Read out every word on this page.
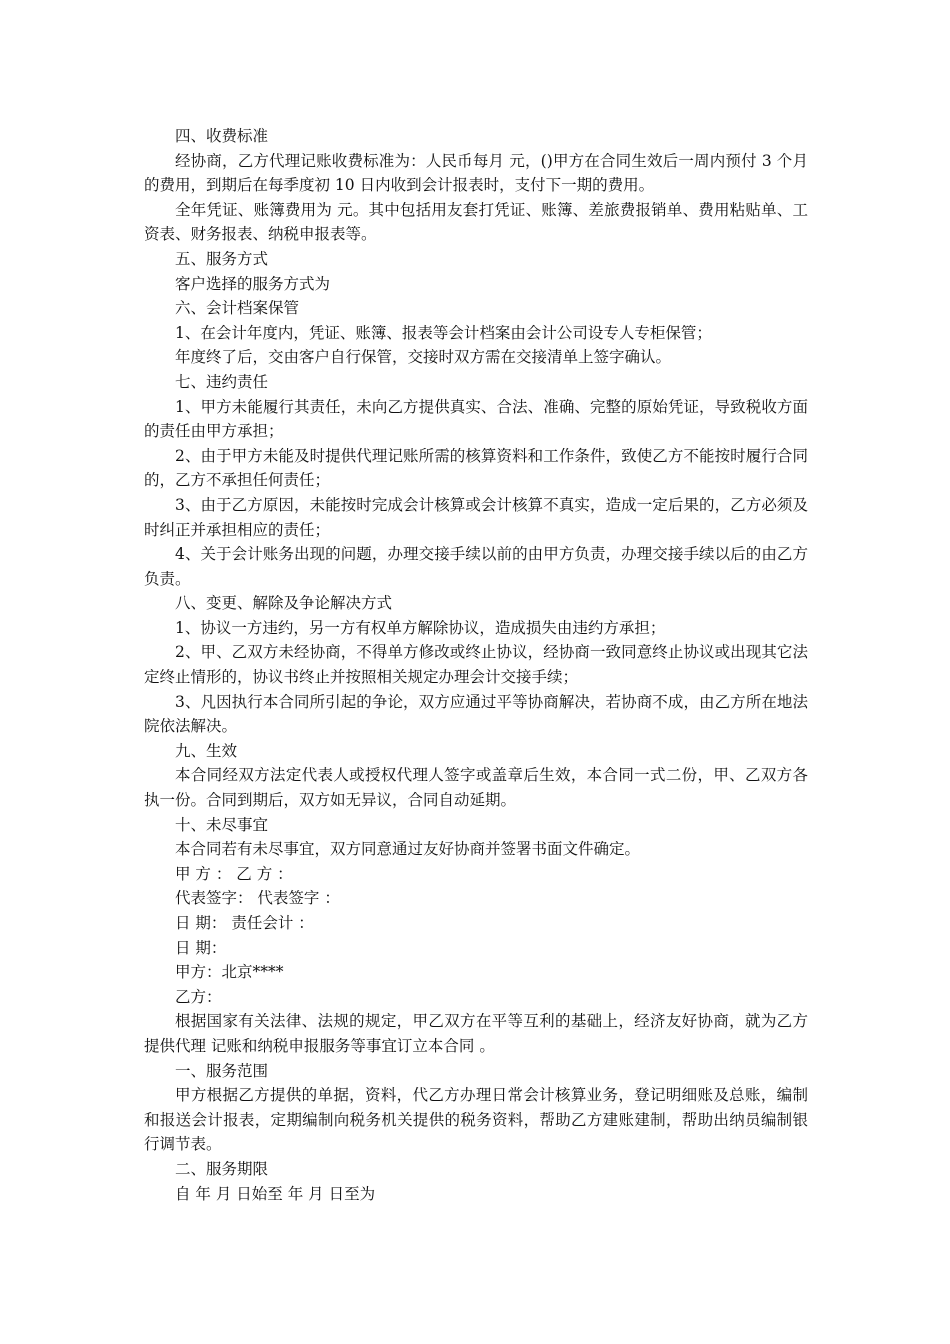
四、收费标准

经协商，乙方代理记账收费标准为：人民币每月 元，()甲方在合同生效后一周内预付 3 个月的费用，到期后在每季度初 10 日内收到会计报表时，支付下一期的费用。

全年凭证、账簿费用为 元。其中包括用友套打凭证、账簿、差旅费报销单、费用粘贴单、工资表、财务报表、纳税申报表等。

五、服务方式

客户选择的服务方式为

六、会计档案保管

1、在会计年度内，凭证、账簿、报表等会计档案由会计公司设专人专柜保管；

年度终了后，交由客户自行保管，交接时双方需在交接清单上签字确认。

七、违约责任

1、甲方未能履行其责任，未向乙方提供真实、合法、准确、完整的原始凭证，导致税收方面的责任由甲方承担；

2、由于甲方未能及时提供代理记账所需的核算资料和工作条件，致使乙方不能按时履行合同的，乙方不承担任何责任；

3、由于乙方原因，未能按时完成会计核算或会计核算不真实，造成一定后果的，乙方必须及时纠正并承担相应的责任；

4、关于会计账务出现的问题，办理交接手续以前的由甲方负责，办理交接手续以后的由乙方负责。

八、变更、解除及争论解决方式

1、协议一方违约，另一方有权单方解除协议，造成损失由违约方承担；

2、甲、乙双方未经协商，不得单方修改或终止协议，经协商一致同意终止协议或出现其它法定终止情形的，协议书终止并按照相关规定办理会计交接手续；

3、凡因执行本合同所引起的争论，双方应通过平等协商解决，若协商不成，由乙方所在地法院依法解决。

九、生效

本合同经双方法定代表人或授权代理人签字或盖章后生效，本合同一式二份，甲、乙双方各执一份。合同到期后，双方如无异议，合同自动延期。

十、未尽事宜

本合同若有未尽事宜，双方同意通过友好协商并签署书面文件确定。

甲 方 ： 乙 方 ：

代表签字： 代表签字 ：

日 期： 责任会计 ：

日 期：

甲方：北京****

乙方：

根据国家有关法律、法规的规定，甲乙双方在平等互利的基础上，经济友好协商，就为乙方提供代理 记账和纳税申报服务等事宜订立本合同 。

一、服务范围

甲方根据乙方提供的单据，资料，代乙方办理日常会计核算业务，登记明细账及总账，编制和报送会计报表，定期编制向税务机关提供的税务资料，帮助乙方建账建制，帮助出纳员编制银行调节表。

二、服务期限

自 年 月 日始至 年 月 日至为
